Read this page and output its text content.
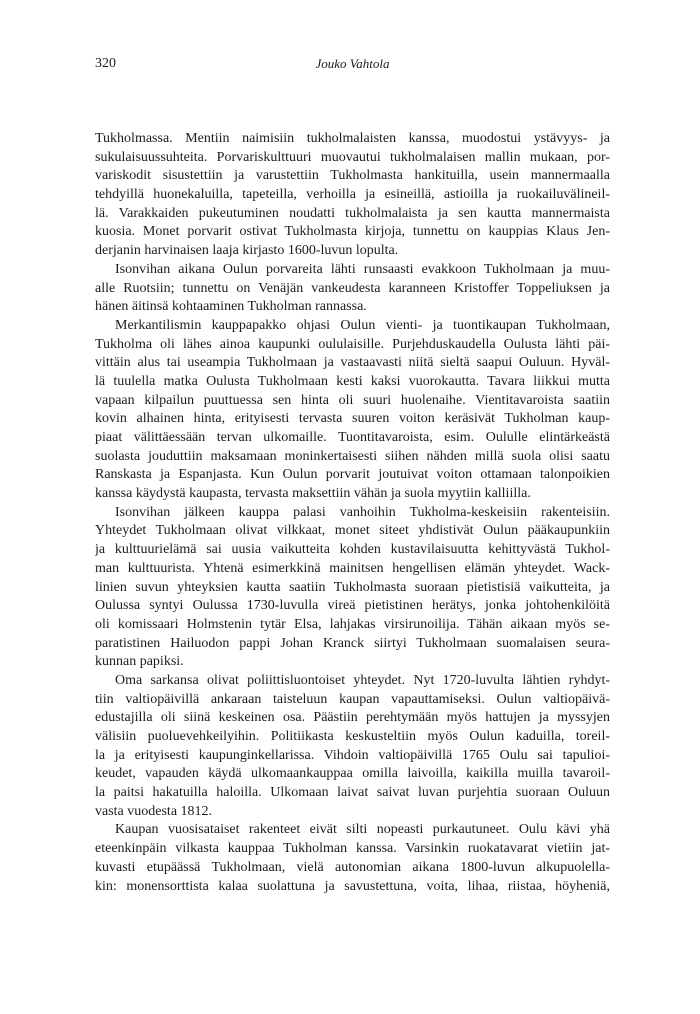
320	Jouko Vahtola
Tukholmassa. Mentiin naimisiin tukholmalaisten kanssa, muodostui ystävyys- ja
sukulaisuussuhteita. Porvariskulttuuri muovautui tukholmalaisen mallin mukaan, por-
variskodit sisustettiin ja varustettiin Tukholmasta hankituilla, usein mannermaalla
tehdyillä huonekaluilla, tapeteilla, verhoilla ja esineillä, astioilla ja ruokailuvälineil-
lä. Varakkaiden pukeutuminen noudatti tukholmalaista ja sen kautta mannermaista
kuosia. Monet porvarit ostivat Tukholmasta kirjoja, tunnettu on kauppias Klaus Jen-
derjanin harvinaisen laaja kirjasto 1600-luvun lopulta.
Isonvihan aikana Oulun porvareita lähti runsaasti evakkoon Tukholmaan ja muu-
alle Ruotsiin; tunnettu on Venäjän vankeudesta karanneen Kristoffer Toppeliuksen ja
hänen äitinsä kohtaaminen Tukholman rannassa.
Merkantilismin kauppapakko ohjasi Oulun vienti- ja tuontikaupan Tukholmaan,
Tukholma oli lähes ainoa kaupunki oululaisille. Purjehduskaudella Oulusta lähti päi-
vittäin alus tai useampia Tukholmaan ja vastaavasti niitä sieltä saapui Ouluun. Hyväl-
lä tuulella matka Oulusta Tukholmaan kesti kaksi vuorokautta. Tavara liikkui mutta
vapaan kilpailun puuttuessa sen hinta oli suuri huolenaihe. Vientitavaroista saatiin
kovin alhainen hinta, erityisesti tervasta suuren voiton keräsivät Tukholman kaup-
piaat välittäessään tervan ulkomaille. Tuontitavaroista, esim. Oululle elintärkeästä
suolasta jouduttiin maksamaan moninkertaisesti siihen nähden millä suola olisi saatu
Ranskasta ja Espanjasta. Kun Oulun porvarit joutuivat voiton ottamaan talonpoikien
kanssa käydystä kaupasta, tervasta maksettiin vähän ja suola myytiin kalliilla.
Isonvihan jälkeen kauppa palasi vanhoihin Tukholma-keskeisiin rakenteisiin.
Yhteydet Tukholmaan olivat vilkkaat, monet siteet yhdistivät Oulun pääkaupunkiin
ja kulttuurielämä sai uusia vaikutteita kohden kustavilaisuutta kehittyvästä Tukhol-
man kulttuurista. Yhtenä esimerkkinä mainitsen hengellisen elämän yhteydet. Wack-
linien suvun yhteyksien kautta saatiin Tukholmasta suoraan pietistisiä vaikutteita, ja
Oulussa syntyi Oulussa 1730-luvulla vireä pietistinen herätys, jonka johtohenkilöitä
oli komissaari Holmstenin tytär Elsa, lahjakas virsirunoilija. Tähän aikaan myös se-
paratistinen Hailuodon pappi Johan Kranck siirtyi Tukholmaan suomalaisen seura-
kunnan papiksi.
Oma sarkansa olivat poliittisluontoiset yhteydet. Nyt 1720-luvulta lähtien ryhdyt-
tiin valtiopäivillä ankaraan taisteluun kaupan vapauttamiseksi. Oulun valtiopäivä-
edustajilla oli siinä keskeinen osa. Päästiin perehtymään myös hattujen ja myssyjen
välisiin puoluevehkeilyihin. Politiikasta keskusteltiin myös Oulun kaduilla, toreil-
la ja erityisesti kaupunginkellarissa. Vihdoin valtiopäivillä 1765 Oulu sai tapulioi-
keudet, vapauden käydä ulkomaankauppaa omilla laivoilla, kaikilla muilla tavaroil-
la paitsi hakatuilla haloilla. Ulkomaan laivat saivat luvan purjehtia suoraan Ouluun
vasta vuodesta 1812.
Kaupan vuosisataiset rakenteet eivät silti nopeasti purkautuneet. Oulu kävi yhä
eteenkinpäin vilkasta kauppaa Tukholman kanssa. Varsinkin ruokatavarat vietiin jat-
kuvasti etupäässä Tukholmaan, vielä autonomian aikana 1800-luvun alkupuolella-
kin: monensorttista kalaa suolattuna ja savustettuna, voita, lihaa, riistaa, höyheniä,
